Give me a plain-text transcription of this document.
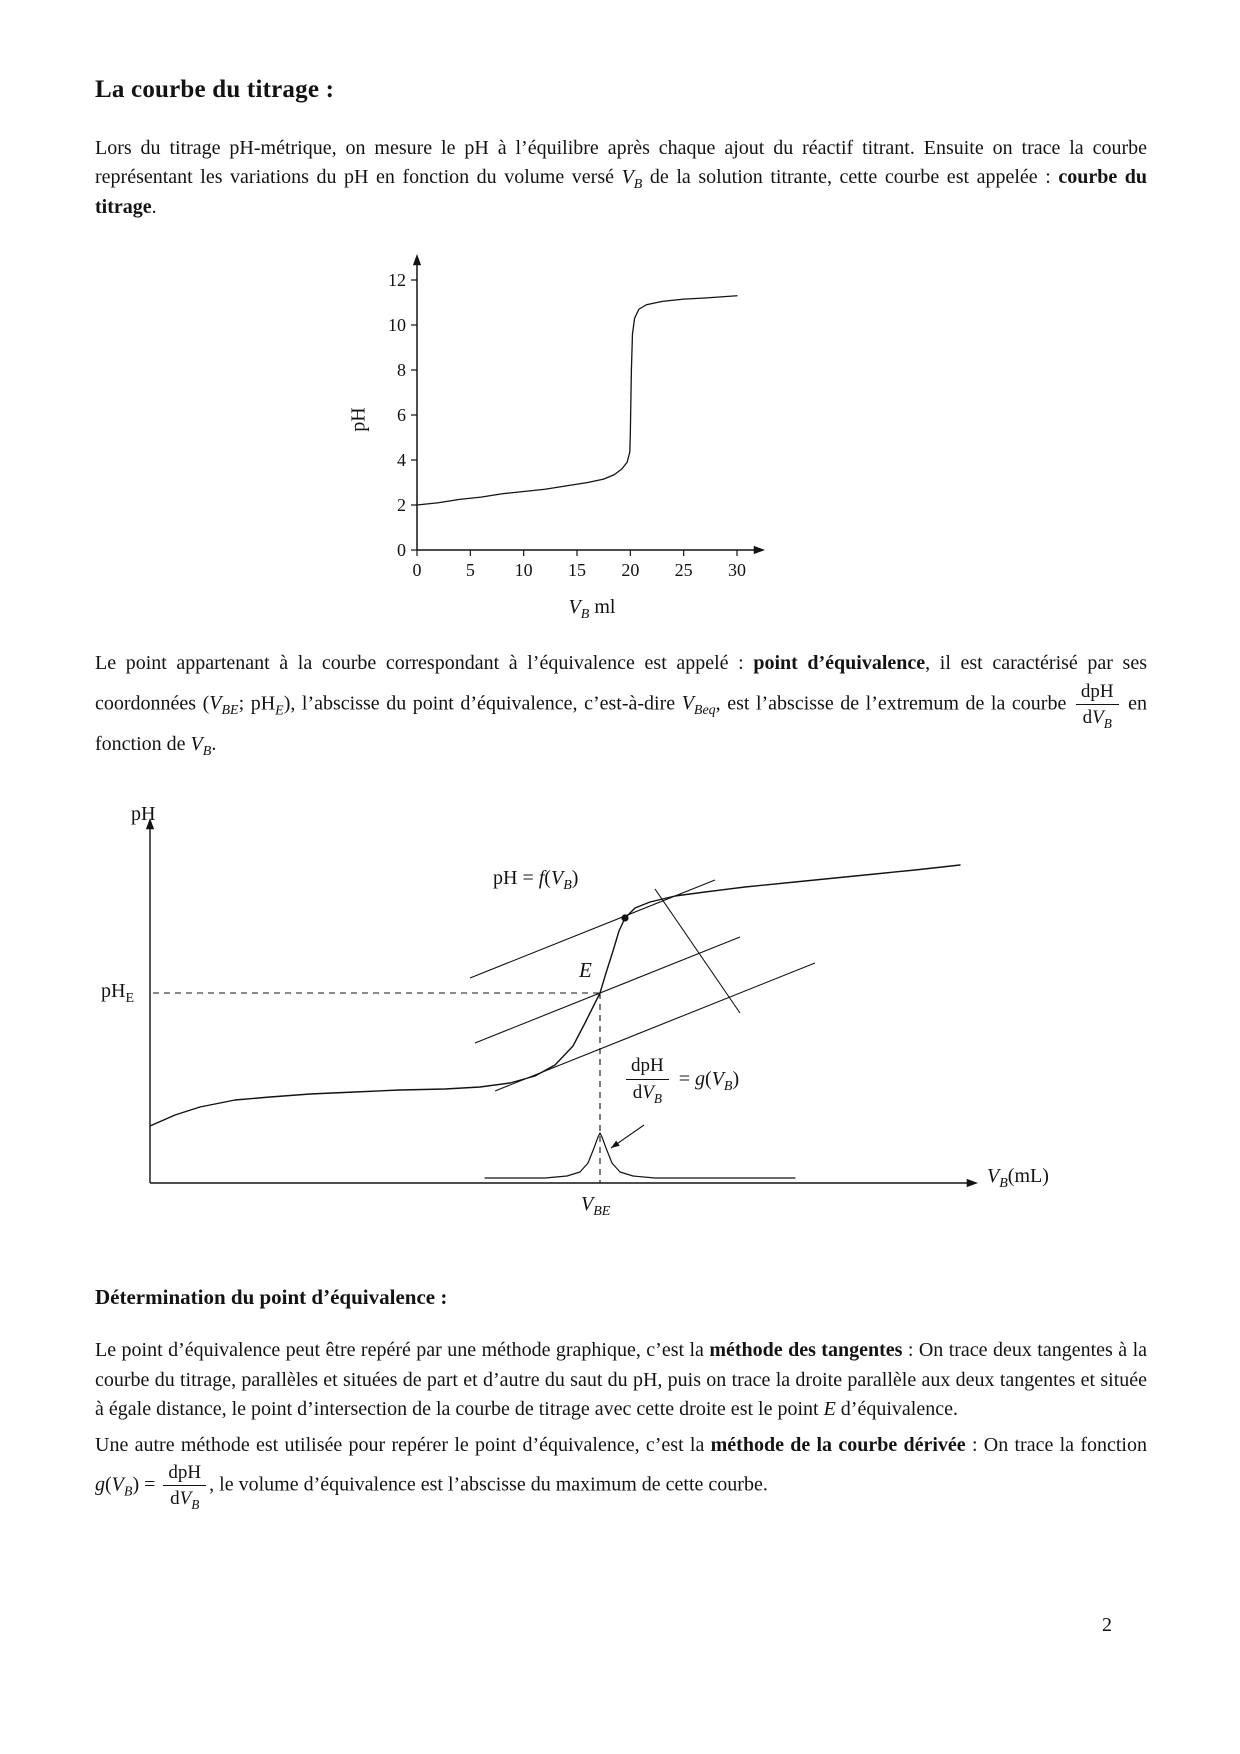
La courbe du titrage :

Lors du titrage pH-métrique, on mesure le pH à l’équilibre après chaque ajout du réactif titrant. Ensuite on trace la courbe représentant les variations du pH en fonction du volume versé $V_B$ de la solution titrante, cette courbe est appelée : courbe du titrage.

0 5 10 15 20 25 30
0
2
4
6
8
10
12
pH
$V_B$ ml

Le point appartenant à la courbe correspondant à l’équivalence est appelé : point d’équivalence, il est caractérisé par ses coordonnées ($V_{BE}$; $pH_E$), l’abscisse du point d’équivalence, c’est-à-dire $V_{Beq}$, est l’abscisse de l’extremum de la courbe $\frac{\text{dpH}}{dV_B}$ en fonction de $V_B$.

pH
$pH_E$
pH = $f(V_B)$
E
$\frac{\text{dpH}}{dV_B} = g(V_B)$
$V_{BE}$
$V_B(mL)$
Détermination du point d’équivalence :

Le point d’équivalence peut être repéré par une méthode graphique, c’est la méthode des tangentes : On trace deux tangentes à la courbe du titrage, parallèles et situées de part et d’autre du saut du pH, puis on trace la droite parallèle aux deux tangentes et située à égale distance, le point d’intersection de la courbe de titrage avec cette droite est le point E d’équivalence.

Une autre méthode est utilisée pour repérer le point d’équivalence, c’est la méthode de la courbe dérivée : On trace la fonction $g(V_B) = \frac{\text{dpH}}{dV_B}$ , le volume d’équivalence est l’abscisse du maximum de cette courbe.

2
